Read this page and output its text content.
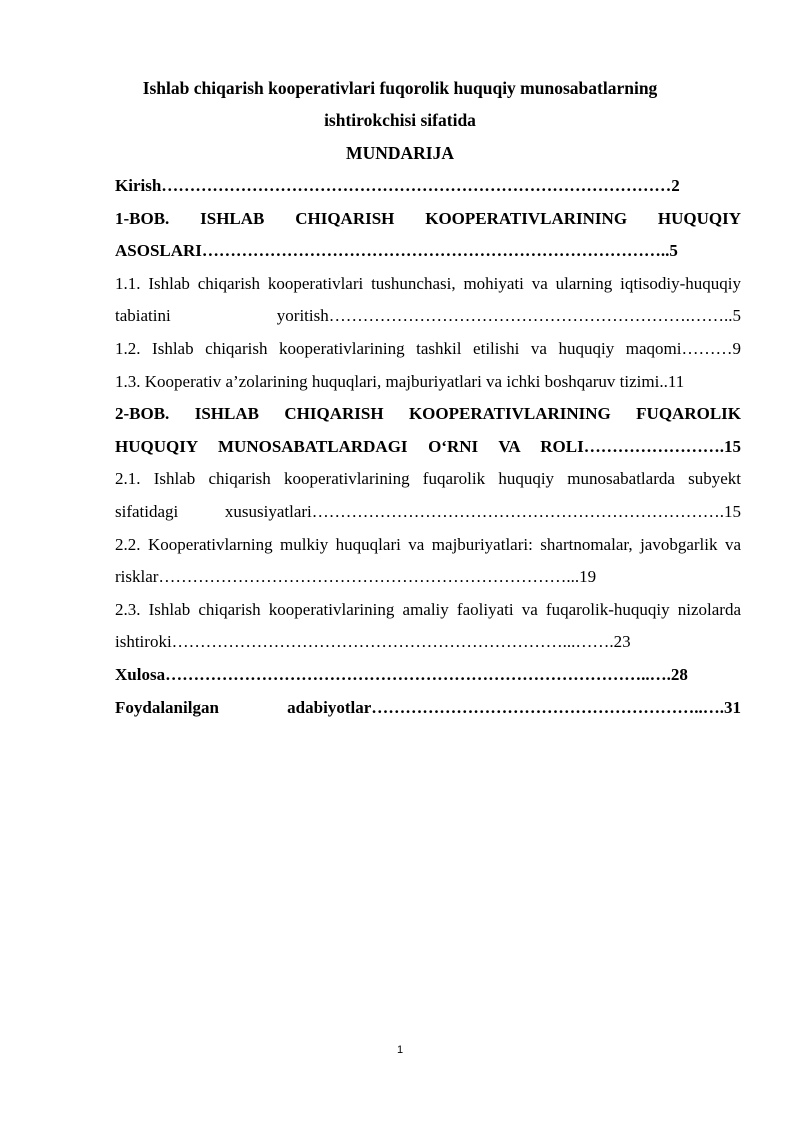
Ishlab chiqarish kooperativlari fuqorolik huquqiy munosabatlarning
ishtirokchisi sifatida
MUNDARIJA
Kirish………………………………………………………………………………2
1-BOB. ISHLAB CHIQARISH KOOPERATIVLARINING HUQUQIY ASOSLARI………………………………………………………………………..5
1.1. Ishlab chiqarish kooperativlari tushunchasi, mohiyati va ularning iqtisodiy-huquqiy tabiatini yoritish……………………………………………………….……..5
1.2. Ishlab chiqarish kooperativlarining tashkil etilishi va huquqiy maqomi………9
1.3. Kooperativ a’zolarining huquqlari, majburiyatlari va ichki boshqaruv tizimi..11
2-BOB. ISHLAB CHIQARISH KOOPERATIVLARINING FUQAROLIK HUQUQIY MUNOSABATLARDAGI O‘RNI VA ROLI…………………….15
2.1. Ishlab chiqarish kooperativlarining fuqarolik huquqiy munosabatlarda subyekt sifatidagi xususiyatlari……………………………………………………………….15
2.2. Kooperativlarning mulkiy huquqlari va majburiyatlari: shartnomalar, javobgarlik va risklar………………………………………………………………...19
2.3. Ishlab chiqarish kooperativlarining amaliy faoliyati va fuqarolik-huquqiy nizolarda ishtiroki……………………………………………………………...…….23
Xulosa…………………………………………………………………………..….28
Foydalanilgan adabiyotlar…………………………………………………..….31
1
